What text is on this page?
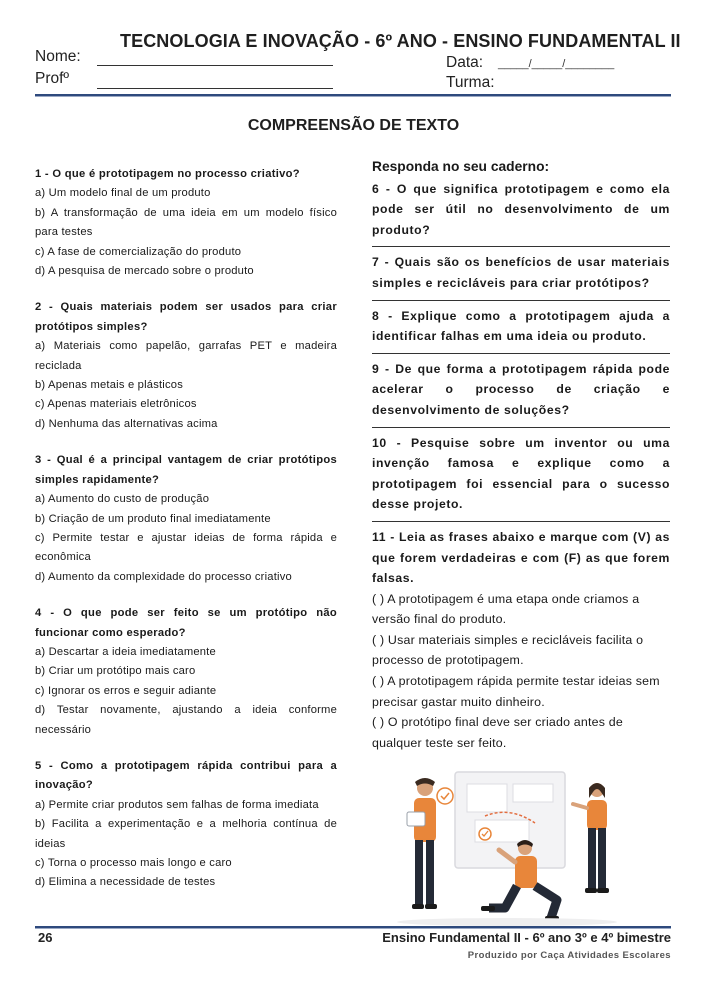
TECNOLOGIA E INOVAÇÃO - 6º ANO - ENSINO FUNDAMENTAL II
Nome:
Profº
Data: _____/_____/________
Turma:
COMPREENSÃO DE TEXTO
1 - O que é prototipagem no processo criativo?
a) Um modelo final de um produto
b) A transformação de uma ideia em um modelo físico para testes
c) A fase de comercialização do produto
d) A pesquisa de mercado sobre o produto
2 - Quais materiais podem ser usados para criar protótipos simples?
a) Materiais como papelão, garrafas PET e madeira reciclada
b) Apenas metais e plásticos
c) Apenas materiais eletrônicos
d) Nenhuma das alternativas acima
3 - Qual é a principal vantagem de criar protótipos simples rapidamente?
a) Aumento do custo de produção
b) Criação de um produto final imediatamente
c) Permite testar e ajustar ideias de forma rápida e econômica
d) Aumento da complexidade do processo criativo
4 - O que pode ser feito se um protótipo não funcionar como esperado?
a) Descartar a ideia imediatamente
b) Criar um protótipo mais caro
c) Ignorar os erros e seguir adiante
d) Testar novamente, ajustando a ideia conforme necessário
5 - Como a prototipagem rápida contribui para a inovação?
a) Permite criar produtos sem falhas de forma imediata
b) Facilita a experimentação e a melhoria contínua de ideias
c) Torna o processo mais longo e caro
d) Elimina a necessidade de testes
Responda no seu caderno:
6 - O que significa prototipagem e como ela pode ser útil no desenvolvimento de um produto?
7 - Quais são os benefícios de usar materiais simples e recicláveis para criar protótipos?
8 - Explique como a prototipagem ajuda a identificar falhas em uma ideia ou produto.
9 - De que forma a prototipagem rápida pode acelerar o processo de criação e desenvolvimento de soluções?
10 - Pesquise sobre um inventor ou uma invenção famosa e explique como a prototipagem foi essencial para o sucesso desse projeto.
11 - Leia as frases abaixo e marque com (V) as que forem verdadeiras e com (F) as que forem falsas.
( ) A prototipagem é uma etapa onde criamos a versão final do produto.
( ) Usar materiais simples e recicláveis facilita o processo de prototipagem.
( ) A prototipagem rápida permite testar ideias sem precisar gastar muito dinheiro.
( ) O protótipo final deve ser criado antes de qualquer teste ser feito.
26	Ensino Fundamental II - 6º ano 3º e 4º bimestre
Produzido por Caça Atividades Escolares
